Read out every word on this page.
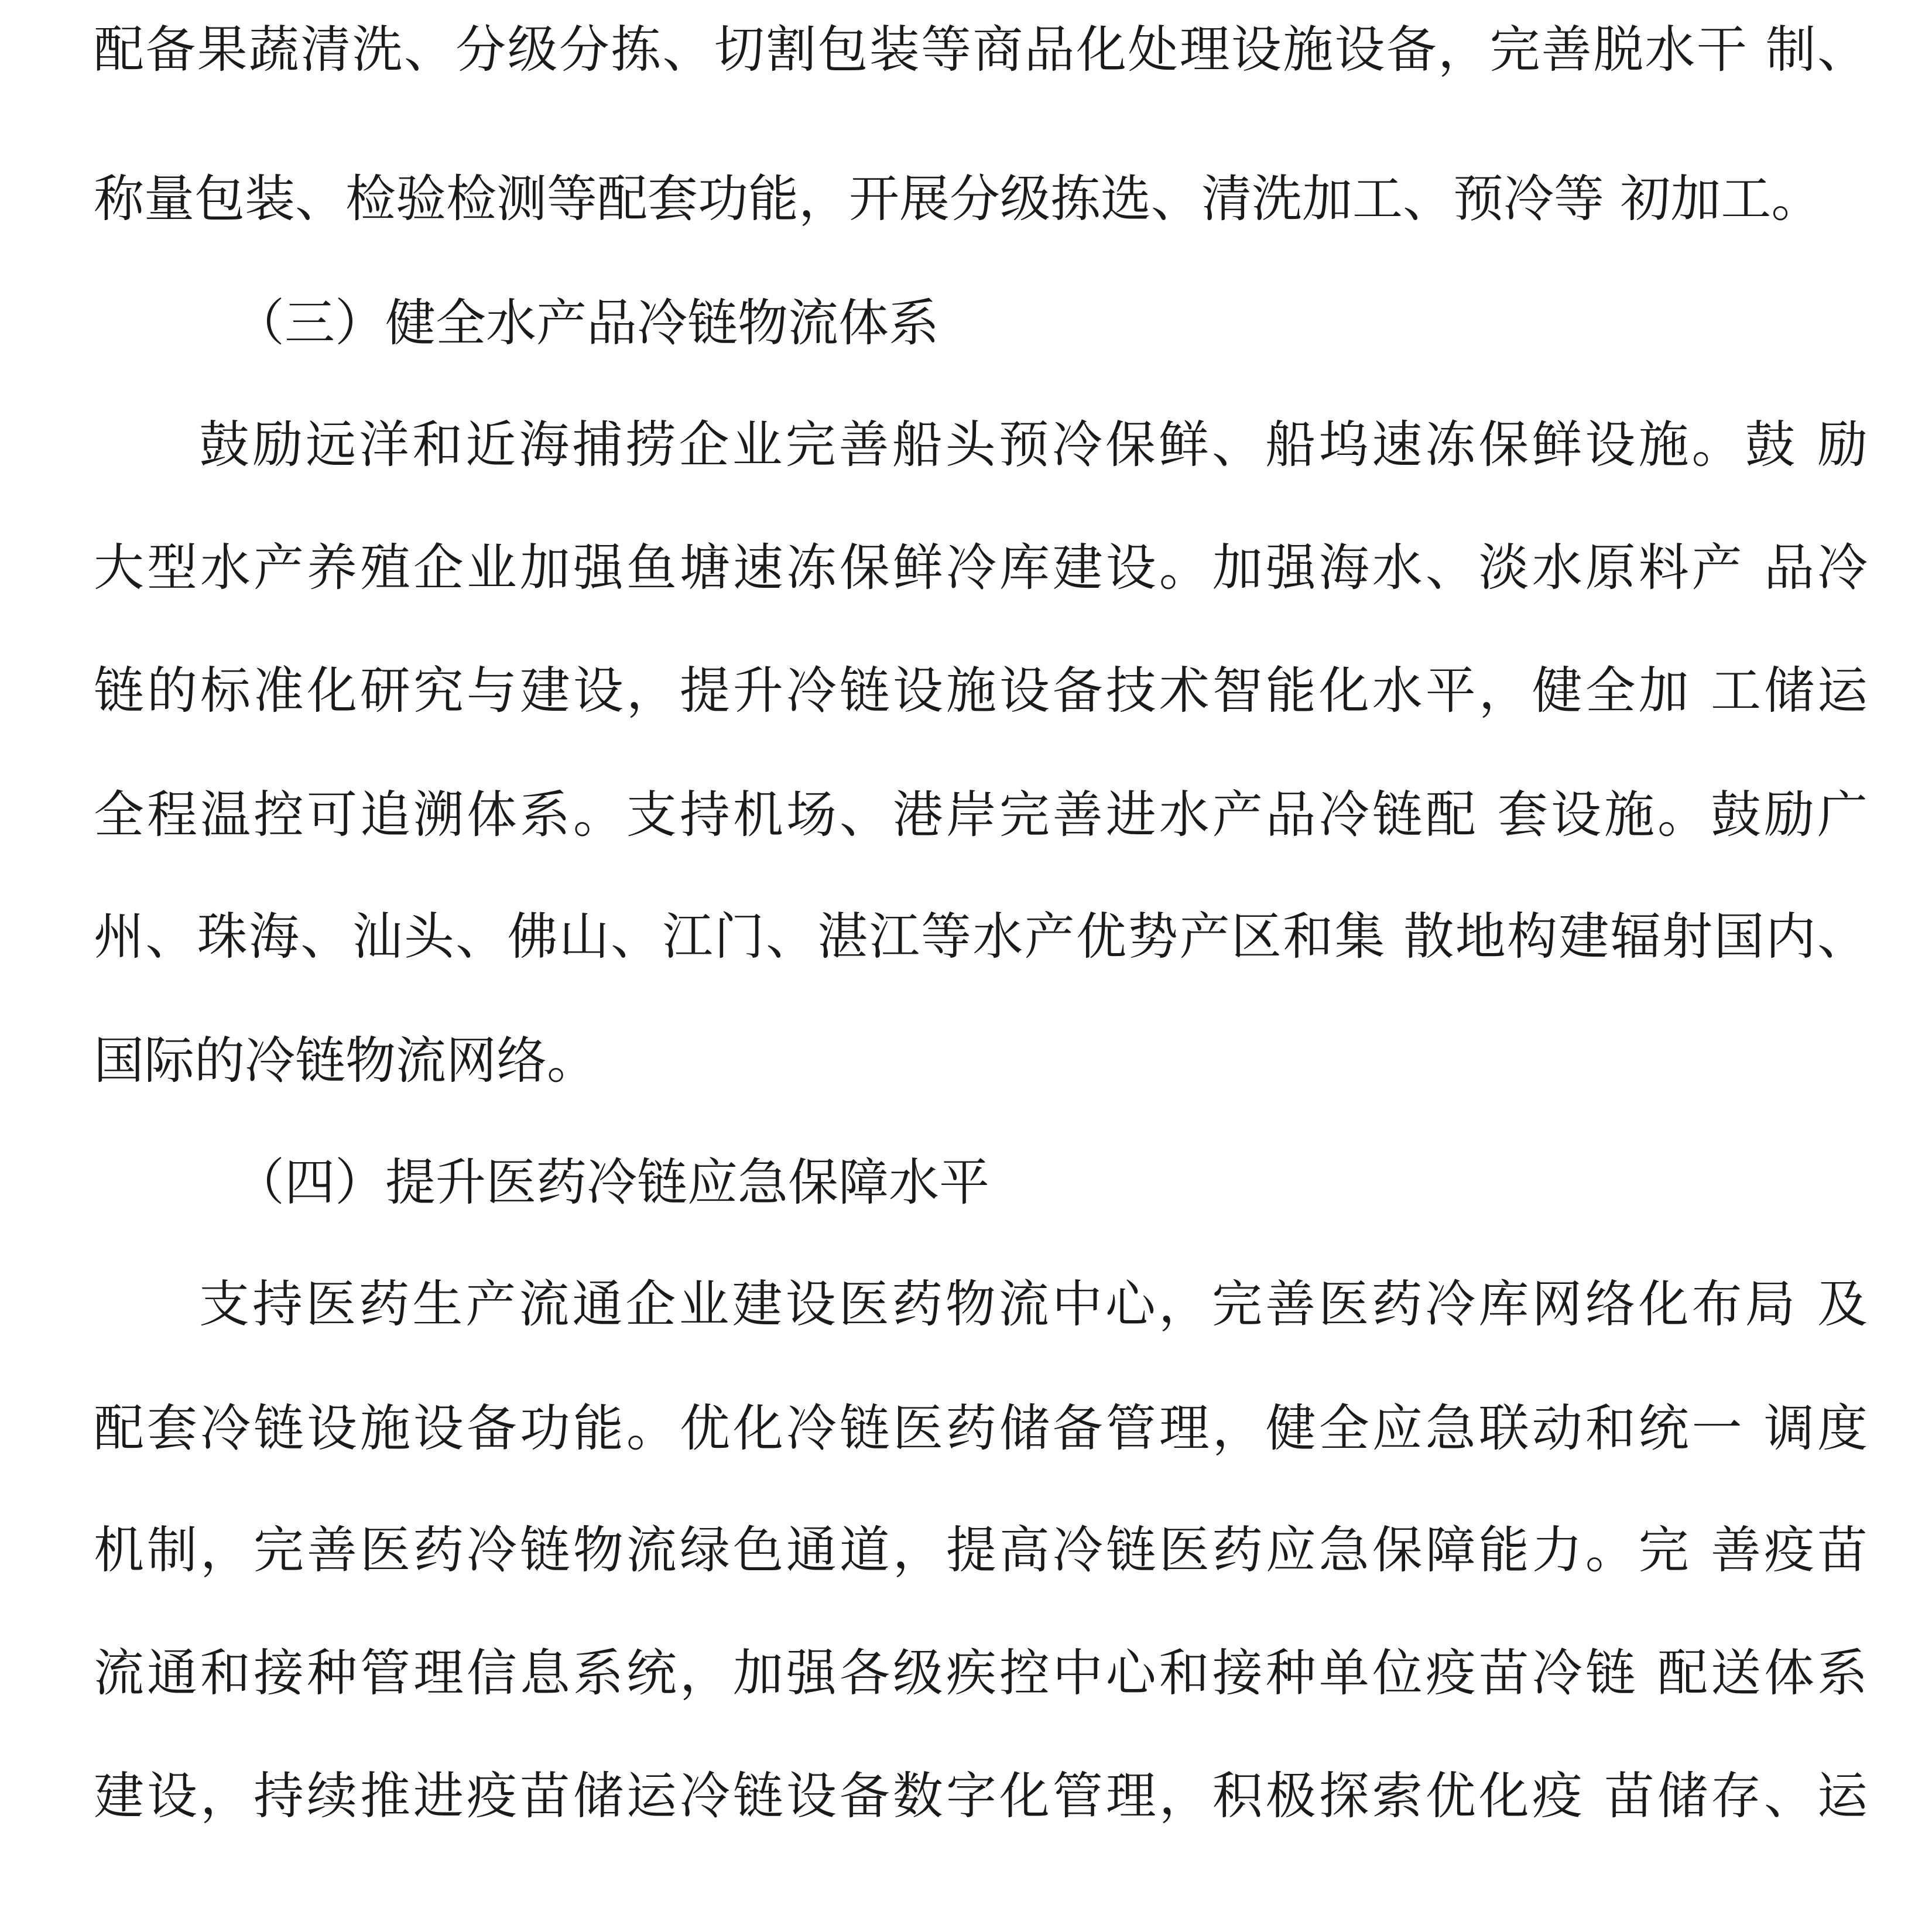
配备果蔬清洗、分级分拣、切割包装等商品化处理设施设备，完善脱水干 制、
称量包装、检验检测等配套功能，开展分级拣选、清洗加工、预冷等 初加工。
（三）健全水产品冷链物流体系
鼓励远洋和近海捕捞企业完善船头预冷保鲜、船坞速冻保鲜设施。鼓 励
大型水产养殖企业加强鱼塘速冻保鲜冷库建设。加强海水、淡水原料产 品冷
链的标准化研究与建设，提升冷链设施设备技术智能化水平，健全加 工储运
全程温控可追溯体系。支持机场、港岸完善进水产品冷链配 套设施。鼓励广
州、珠海、汕头、佛山、江门、湛江等水产优势产区和集 散地构建辐射国内、
国际的冷链物流网络。
（四）提升医药冷链应急保障水平
支持医药生产流通企业建设医药物流中心，完善医药冷库网络化布局 及
配套冷链设施设备功能。优化冷链医药储备管理，健全应急联动和统一 调度
机制，完善医药冷链物流绿色通道，提高冷链医药应急保障能力。完 善疫苗
流通和接种管理信息系统，加强各级疾控中心和接种单位疫苗冷链 配送体系
建设，持续推进疫苗储运冷链设备数字化管理，积极探索优化疫 苗储存、运
